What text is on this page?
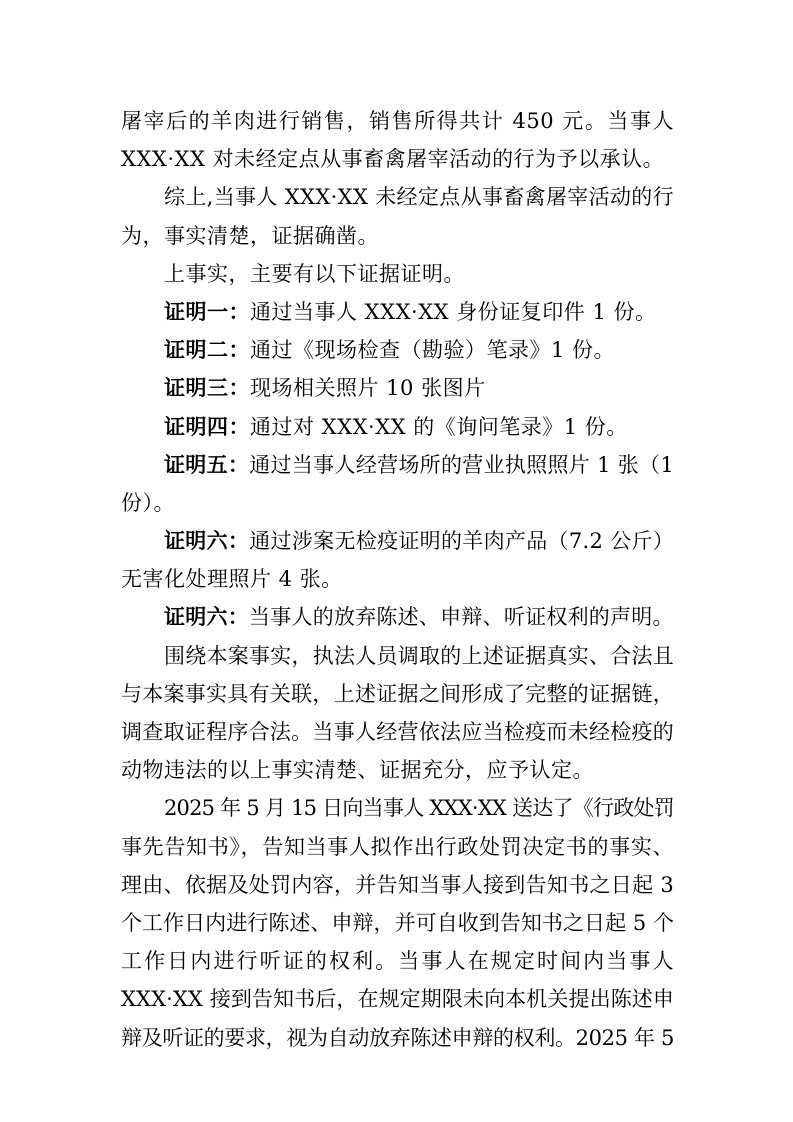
屠宰后的羊肉进行销售，销售所得共计 450 元。当事人
XXX·XX 对未经定点从事畜禽屠宰活动的行为予以承认。
综上,当事人 XXX·XX 未经定点从事畜禽屠宰活动的行
为，事实清楚，证据确凿。
上事实，主要有以下证据证明。
证明一：通过当事人 XXX·XX 身份证复印件 1 份。
证明二：通过《现场检查（勘验）笔录》1 份。
证明三：现场相关照片 10 张图片
证明四：通过对 XXX·XX 的《询问笔录》1 份。
证明五：通过当事人经营场所的营业执照照片 1 张（1
份）。
证明六：通过涉案无检疫证明的羊肉产品（7.2 公斤）
无害化处理照片 4 张。
证明六：当事人的放弃陈述、申辩、听证权利的声明。
围绕本案事实，执法人员调取的上述证据真实、合法且
与本案事实具有关联，上述证据之间形成了完整的证据链，
调查取证程序合法。当事人经营依法应当检疫而未经检疫的
动物违法的以上事实清楚、证据充分，应予认定。
2025 年 5 月 15 日向当事人 XXX·XX 送达了《行政处罚
事先告知书》，告知当事人拟作出行政处罚决定书的事实、
理由、依据及处罚内容，并告知当事人接到告知书之日起 3
个工作日内进行陈述、申辩，并可自收到告知书之日起 5 个
工作日内进行听证的权利。当事人在规定时间内当事人
XXX·XX 接到告知书后，在规定期限未向本机关提出陈述申
辩及听证的要求，视为自动放弃陈述申辩的权利。2025 年 5
